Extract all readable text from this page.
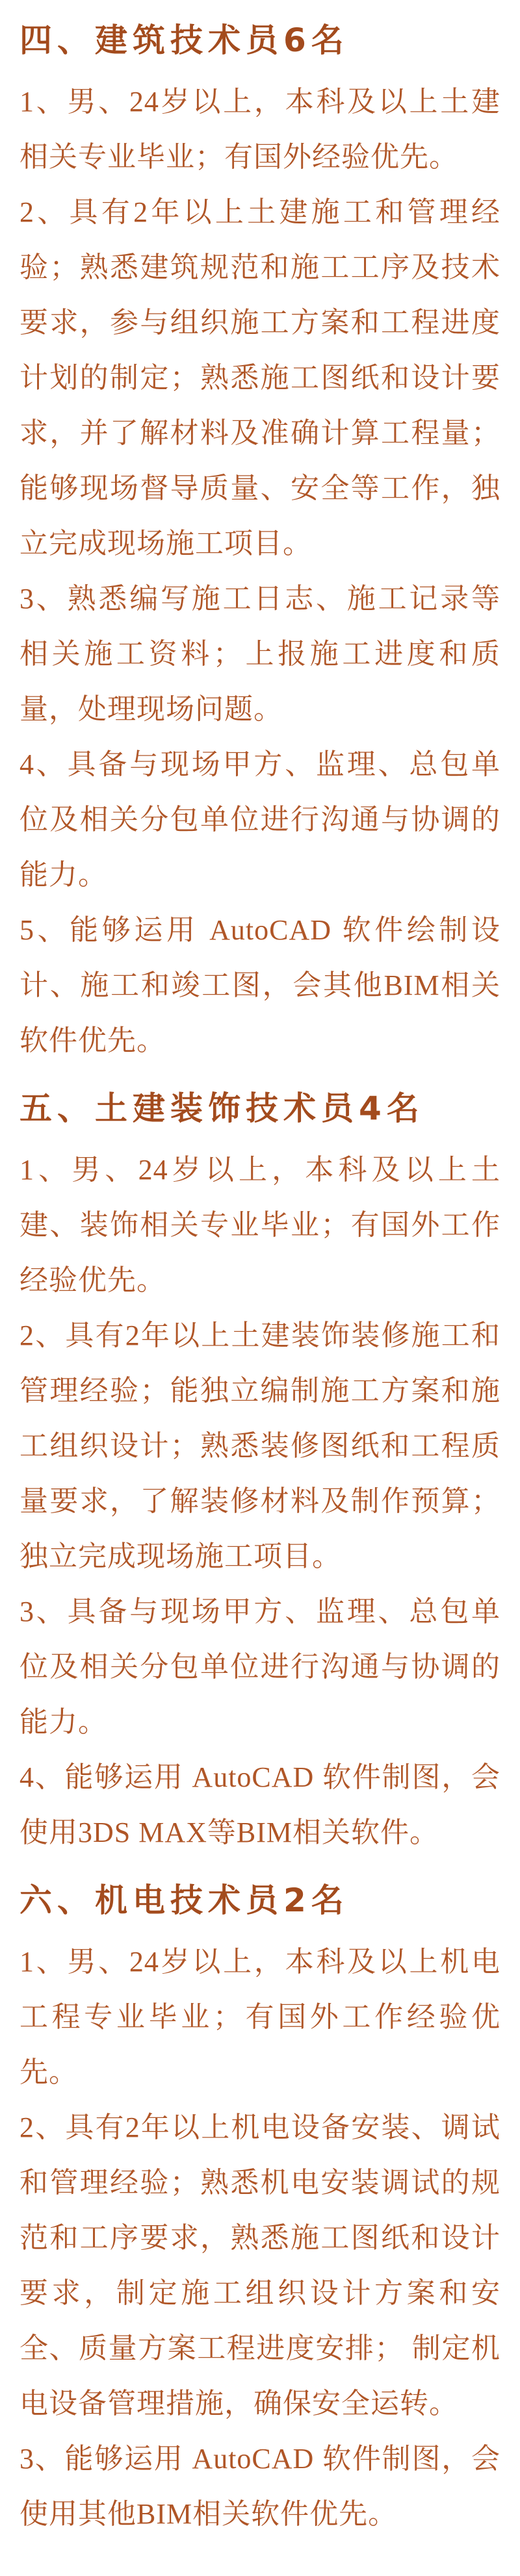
四、建筑技术员6名

1、男、24岁以上，本科及以上土建相关专业毕业；有国外经验优先。

2、具有2年以上土建施工和管理经验；熟悉建筑规范和施工工序及技术要求，参与组织施工方案和工程进度计划的制定；熟悉施工图纸和设计要求，并了解材料及准确计算工程量；能够现场督导质量、安全等工作，独立完成现场施工项目。

3、熟悉编写施工日志、施工记录等相关施工资料；上报施工进度和质量，处理现场问题。

4、具备与现场甲方、监理、总包单位及相关分包单位进行沟通与协调的能力。

5、能够运用 AutoCAD 软件绘制设计、施工和竣工图，会其他BIM相关软件优先。

五、土建装饰技术员4名

1、男、24岁以上，本科及以上土建、装饰相关专业毕业；有国外工作经验优先。

2、具有2年以上土建装饰装修施工和管理经验；能独立编制施工方案和施工组织设计；熟悉装修图纸和工程质量要求，了解装修材料及制作预算；独立完成现场施工项目。

3、具备与现场甲方、监理、总包单位及相关分包单位进行沟通与协调的能力。

4、能够运用 AutoCAD 软件制图，会使用3DS MAX等BIM相关软件。

六、机电技术员2名

1、男、24岁以上，本科及以上机电工程专业毕业；有国外工作经验优先。

2、具有2年以上机电设备安装、调试和管理经验；熟悉机电安装调试的规范和工序要求，熟悉施工图纸和设计要求，制定施工组织设计方案和安全、质量方案工程进度安排； 制定机电设备管理措施，确保安全运转。

3、能够运用 AutoCAD 软件制图，会使用其他BIM相关软件优先。
